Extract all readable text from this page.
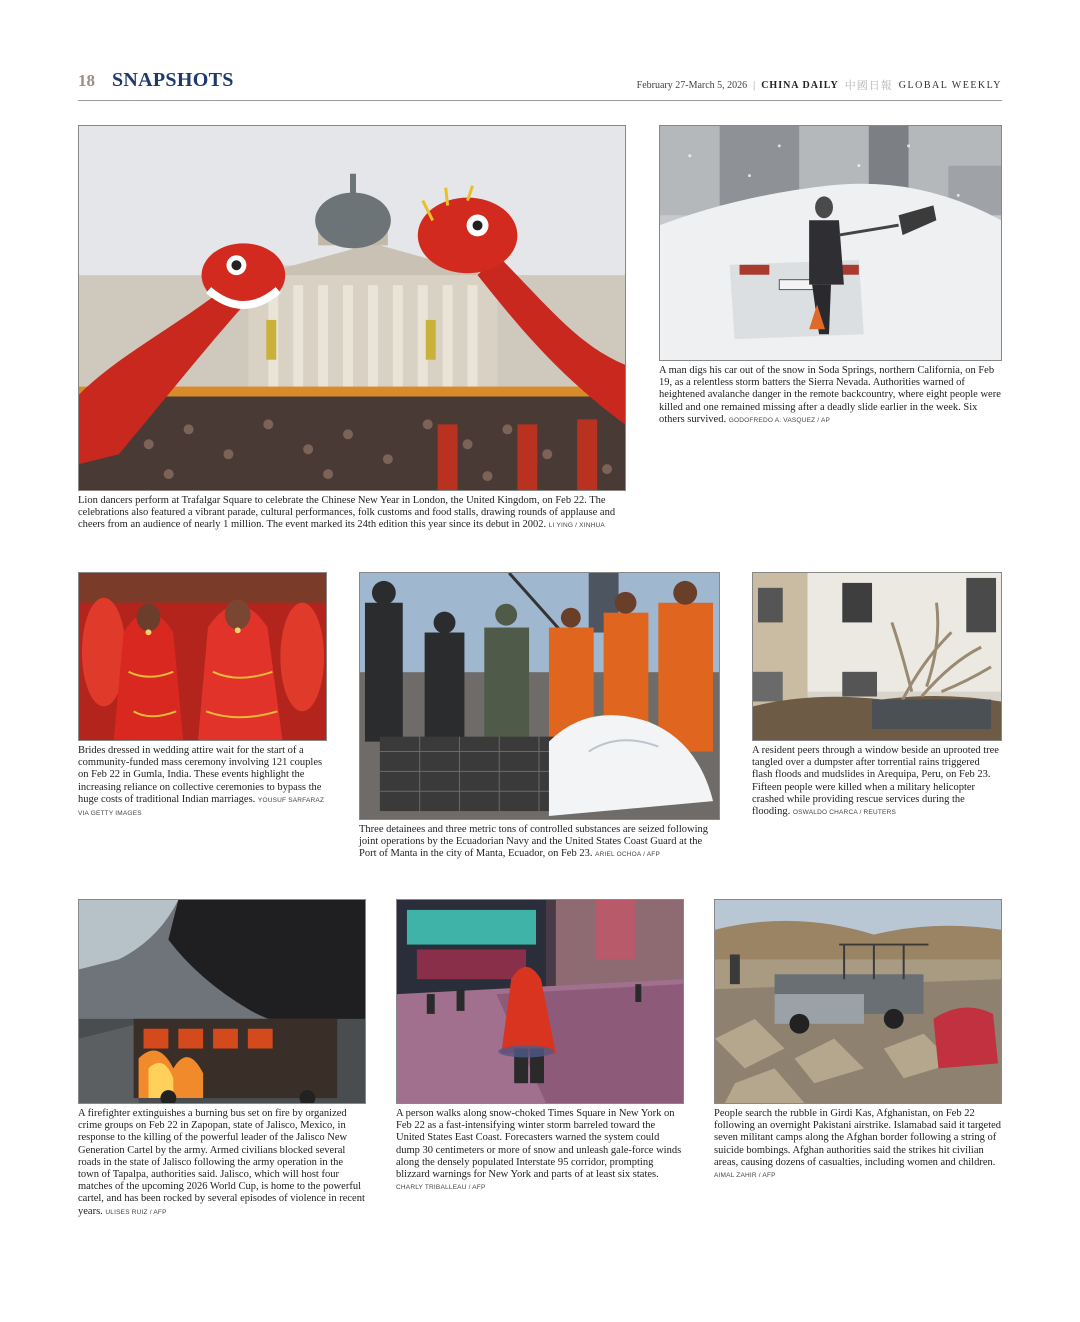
18 SNAPSHOTS	February 27-March 5, 2026 | CHINA DAILY 中國日報 GLOBAL WEEKLY
Lion dancers perform at Trafalgar Square to celebrate the Chinese New Year in London, the United Kingdom, on Feb 22. The celebrations also featured a vibrant parade, cultural performances, folk customs and food stalls, drawing rounds of applause and cheers from an audience of nearly 1 million. The event marked its 24th edition this year since its debut in 2002. LI YING / XINHUA
A man digs his car out of the snow in Soda Springs, northern California, on Feb 19, as a relentless storm batters the Sierra Nevada. Authorities warned of heightened avalanche danger in the remote backcountry, where eight people were killed and one remained missing after a deadly slide earlier in the week. Six others survived. GODOFREDO A. VASQUEZ / AP
Brides dressed in wedding attire wait for the start of a community-funded mass ceremony involving 121 couples on Feb 22 in Gumla, India. These events highlight the increasing reliance on collective ceremonies to bypass the huge costs of traditional Indian marriages. YOUSUF SARFARAZ VIA GETTY IMAGES
Three detainees and three metric tons of controlled substances are seized following joint operations by the Ecuadorian Navy and the United States Coast Guard at the Port of Manta in the city of Manta, Ecuador, on Feb 23. ARIEL OCHOA / AFP
A resident peers through a window beside an uprooted tree tangled over a dumpster after torrential rains triggered flash floods and mudslides in Arequipa, Peru, on Feb 23. Fifteen people were killed when a military helicopter crashed while providing rescue services during the flooding. OSWALDO CHARCA / REUTERS
A firefighter extinguishes a burning bus set on fire by organized crime groups on Feb 22 in Zapopan, state of Jalisco, Mexico, in response to the killing of the powerful leader of the Jalisco New Generation Cartel by the army. Armed civilians blocked several roads in the state of Jalisco following the army operation in the town of Tapalpa, authorities said. Jalisco, which will host four matches of the upcoming 2026 World Cup, is home to the powerful cartel, and has been rocked by several episodes of violence in recent years. ULISES RUIZ / AFP
A person walks along snow-choked Times Square in New York on Feb 22 as a fast-intensifying winter storm barreled toward the United States East Coast. Forecasters warned the system could dump 30 centimeters or more of snow and unleash gale-force winds along the densely populated Interstate 95 corridor, prompting blizzard warnings for New York and parts of at least six states. CHARLY TRIBALLEAU / AFP
People search the rubble in Girdi Kas, Afghanistan, on Feb 22 following an overnight Pakistani airstrike. Islamabad said it targeted seven militant camps along the Afghan border following a string of suicide bombings. Afghan authorities said the strikes hit civilian areas, causing dozens of casualties, including women and children. AIMAL ZAHIR / AFP
